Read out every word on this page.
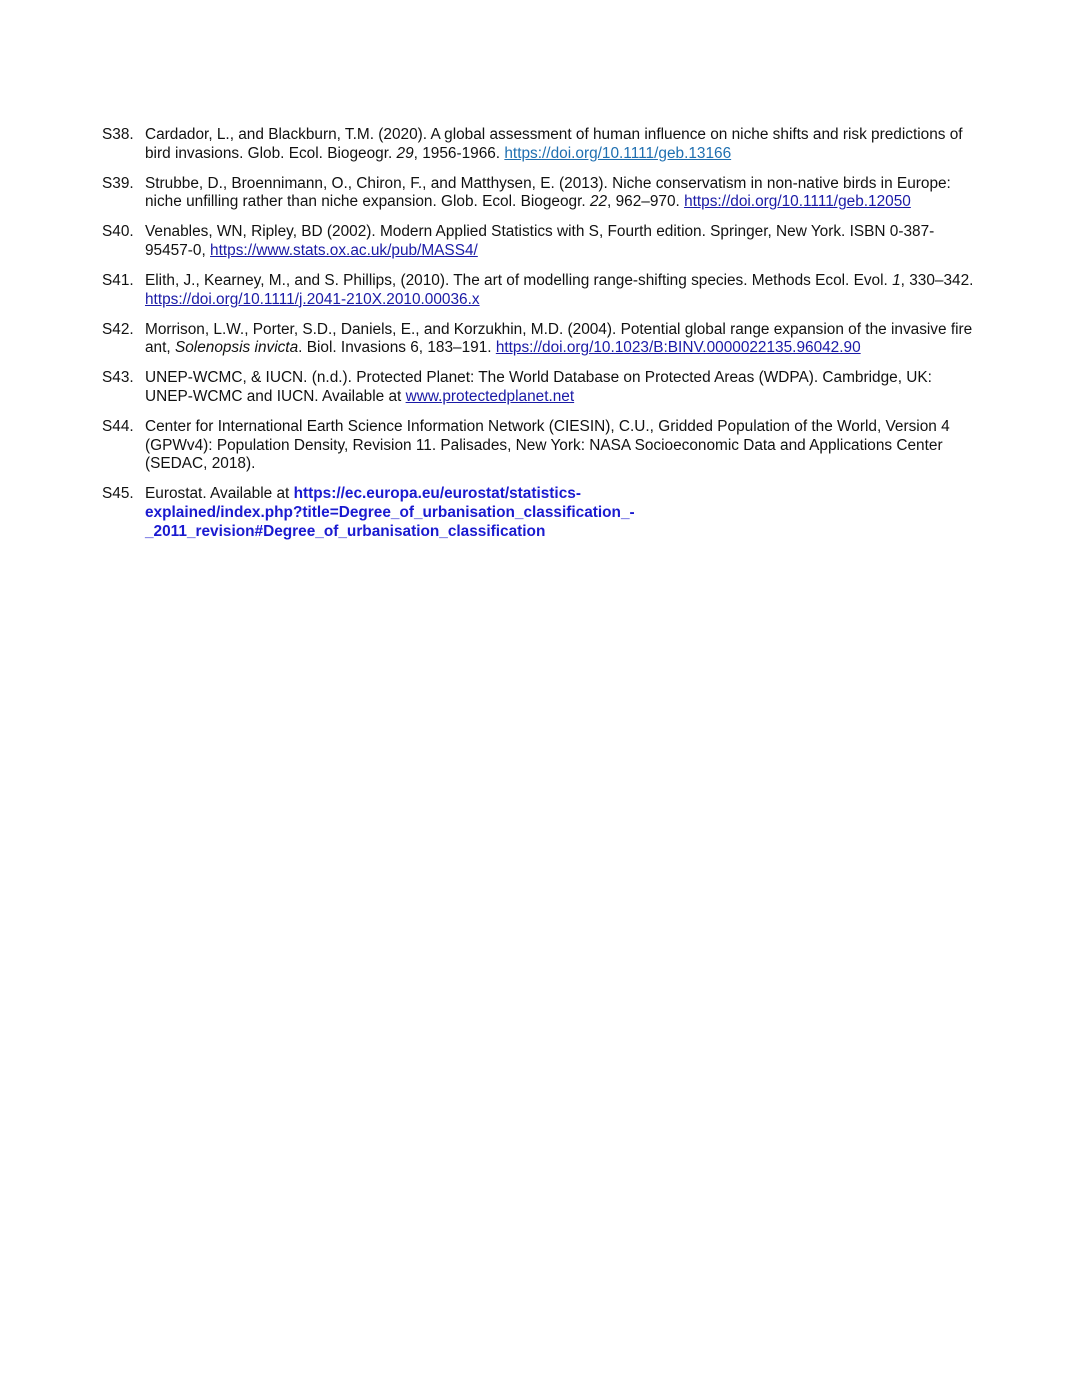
S38. Cardador, L., and Blackburn, T.M. (2020). A global assessment of human influence on niche shifts and risk predictions of bird invasions. Glob. Ecol. Biogeogr. 29, 1956-1966. https://doi.org/10.1111/geb.13166
S39. Strubbe, D., Broennimann, O., Chiron, F., and Matthysen, E. (2013). Niche conservatism in non-native birds in Europe: niche unfilling rather than niche expansion. Glob. Ecol. Biogeogr. 22, 962–970. https://doi.org/10.1111/geb.12050
S40. Venables, WN, Ripley, BD (2002). Modern Applied Statistics with S, Fourth edition. Springer, New York. ISBN 0-387-95457-0, https://www.stats.ox.ac.uk/pub/MASS4/
S41. Elith, J., Kearney, M., and S. Phillips, (2010). The art of modelling range-shifting species. Methods Ecol. Evol. 1, 330–342. https://doi.org/10.1111/j.2041-210X.2010.00036.x
S42. Morrison, L.W., Porter, S.D., Daniels, E., and Korzukhin, M.D. (2004). Potential global range expansion of the invasive fire ant, Solenopsis invicta. Biol. Invasions 6, 183–191. https://doi.org/10.1023/B:BINV.0000022135.96042.90
S43. UNEP-WCMC, & IUCN. (n.d.). Protected Planet: The World Database on Protected Areas (WDPA). Cambridge, UK: UNEP-WCMC and IUCN. Available at www.protectedplanet.net
S44. Center for International Earth Science Information Network (CIESIN), C.U., Gridded Population of the World, Version 4 (GPWv4): Population Density, Revision 11. Palisades, New York: NASA Socioeconomic Data and Applications Center (SEDAC, 2018).
S45. Eurostat. Available at https://ec.europa.eu/eurostat/statistics-
explained/index.php?title=Degree_of_urbanisation_classification_-
_2011_revision#Degree_of_urbanisation_classification
